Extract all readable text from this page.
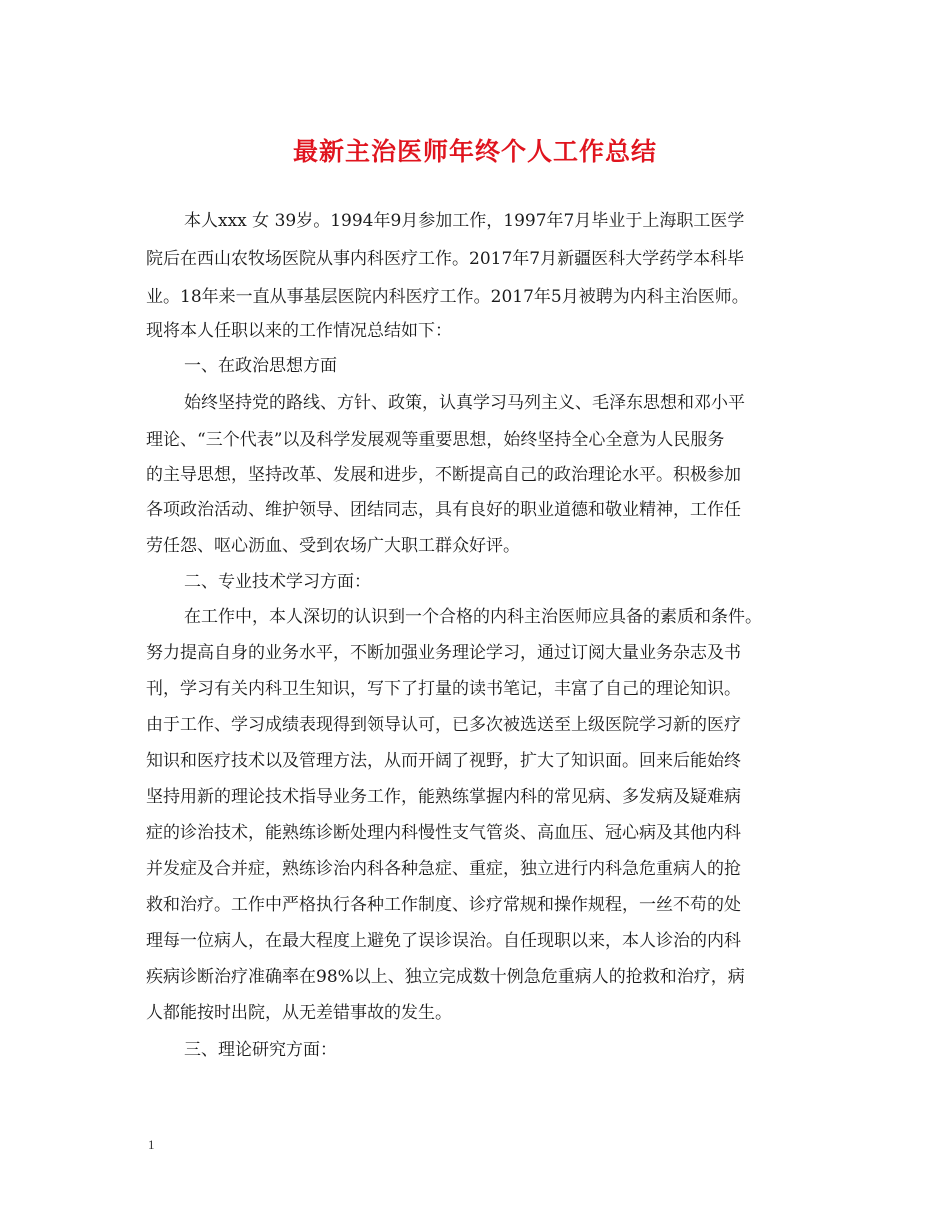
最新主治医师年终个人工作总结
本人xxx 女 39岁。1994年9月参加工作，1997年7月毕业于上海职工医学
院后在西山农牧场医院从事内科医疗工作。2017年7月新疆医科大学药学本科毕
业。18年来一直从事基层医院内科医疗工作。2017年5月被聘为内科主治医师。
现将本人任职以来的工作情况总结如下：
一、在政治思想方面
始终坚持党的路线、方针、政策，认真学习马列主义、毛泽东思想和邓小平
理论、“三个代表”以及科学发展观等重要思想，始终坚持全心全意为人民服务
的主导思想，坚持改革、发展和进步，不断提高自己的政治理论水平。积极参加
各项政治活动、维护领导、团结同志，具有良好的职业道德和敬业精神，工作任
劳任怨、呕心沥血、受到农场广大职工群众好评。
二、专业技术学习方面：
在工作中，本人深切的认识到一个合格的内科主治医师应具备的素质和条件。
努力提高自身的业务水平，不断加强业务理论学习，通过订阅大量业务杂志及书
刊，学习有关内科卫生知识，写下了打量的读书笔记，丰富了自己的理论知识。
由于工作、学习成绩表现得到领导认可，已多次被选送至上级医院学习新的医疗
知识和医疗技术以及管理方法，从而开阔了视野，扩大了知识面。回来后能始终
坚持用新的理论技术指导业务工作，能熟练掌握内科的常见病、多发病及疑难病
症的诊治技术，能熟练诊断处理内科慢性支气管炎、高血压、冠心病及其他内科
并发症及合并症，熟练诊治内科各种急症、重症，独立进行内科急危重病人的抢
救和治疗。工作中严格执行各种工作制度、诊疗常规和操作规程，一丝不苟的处
理每一位病人，在最大程度上避免了误诊误治。自任现职以来，本人诊治的内科
疾病诊断治疗准确率在98%以上、独立完成数十例急危重病人的抢救和治疗，病
人都能按时出院，从无差错事故的发生。
三、理论研究方面：
1
